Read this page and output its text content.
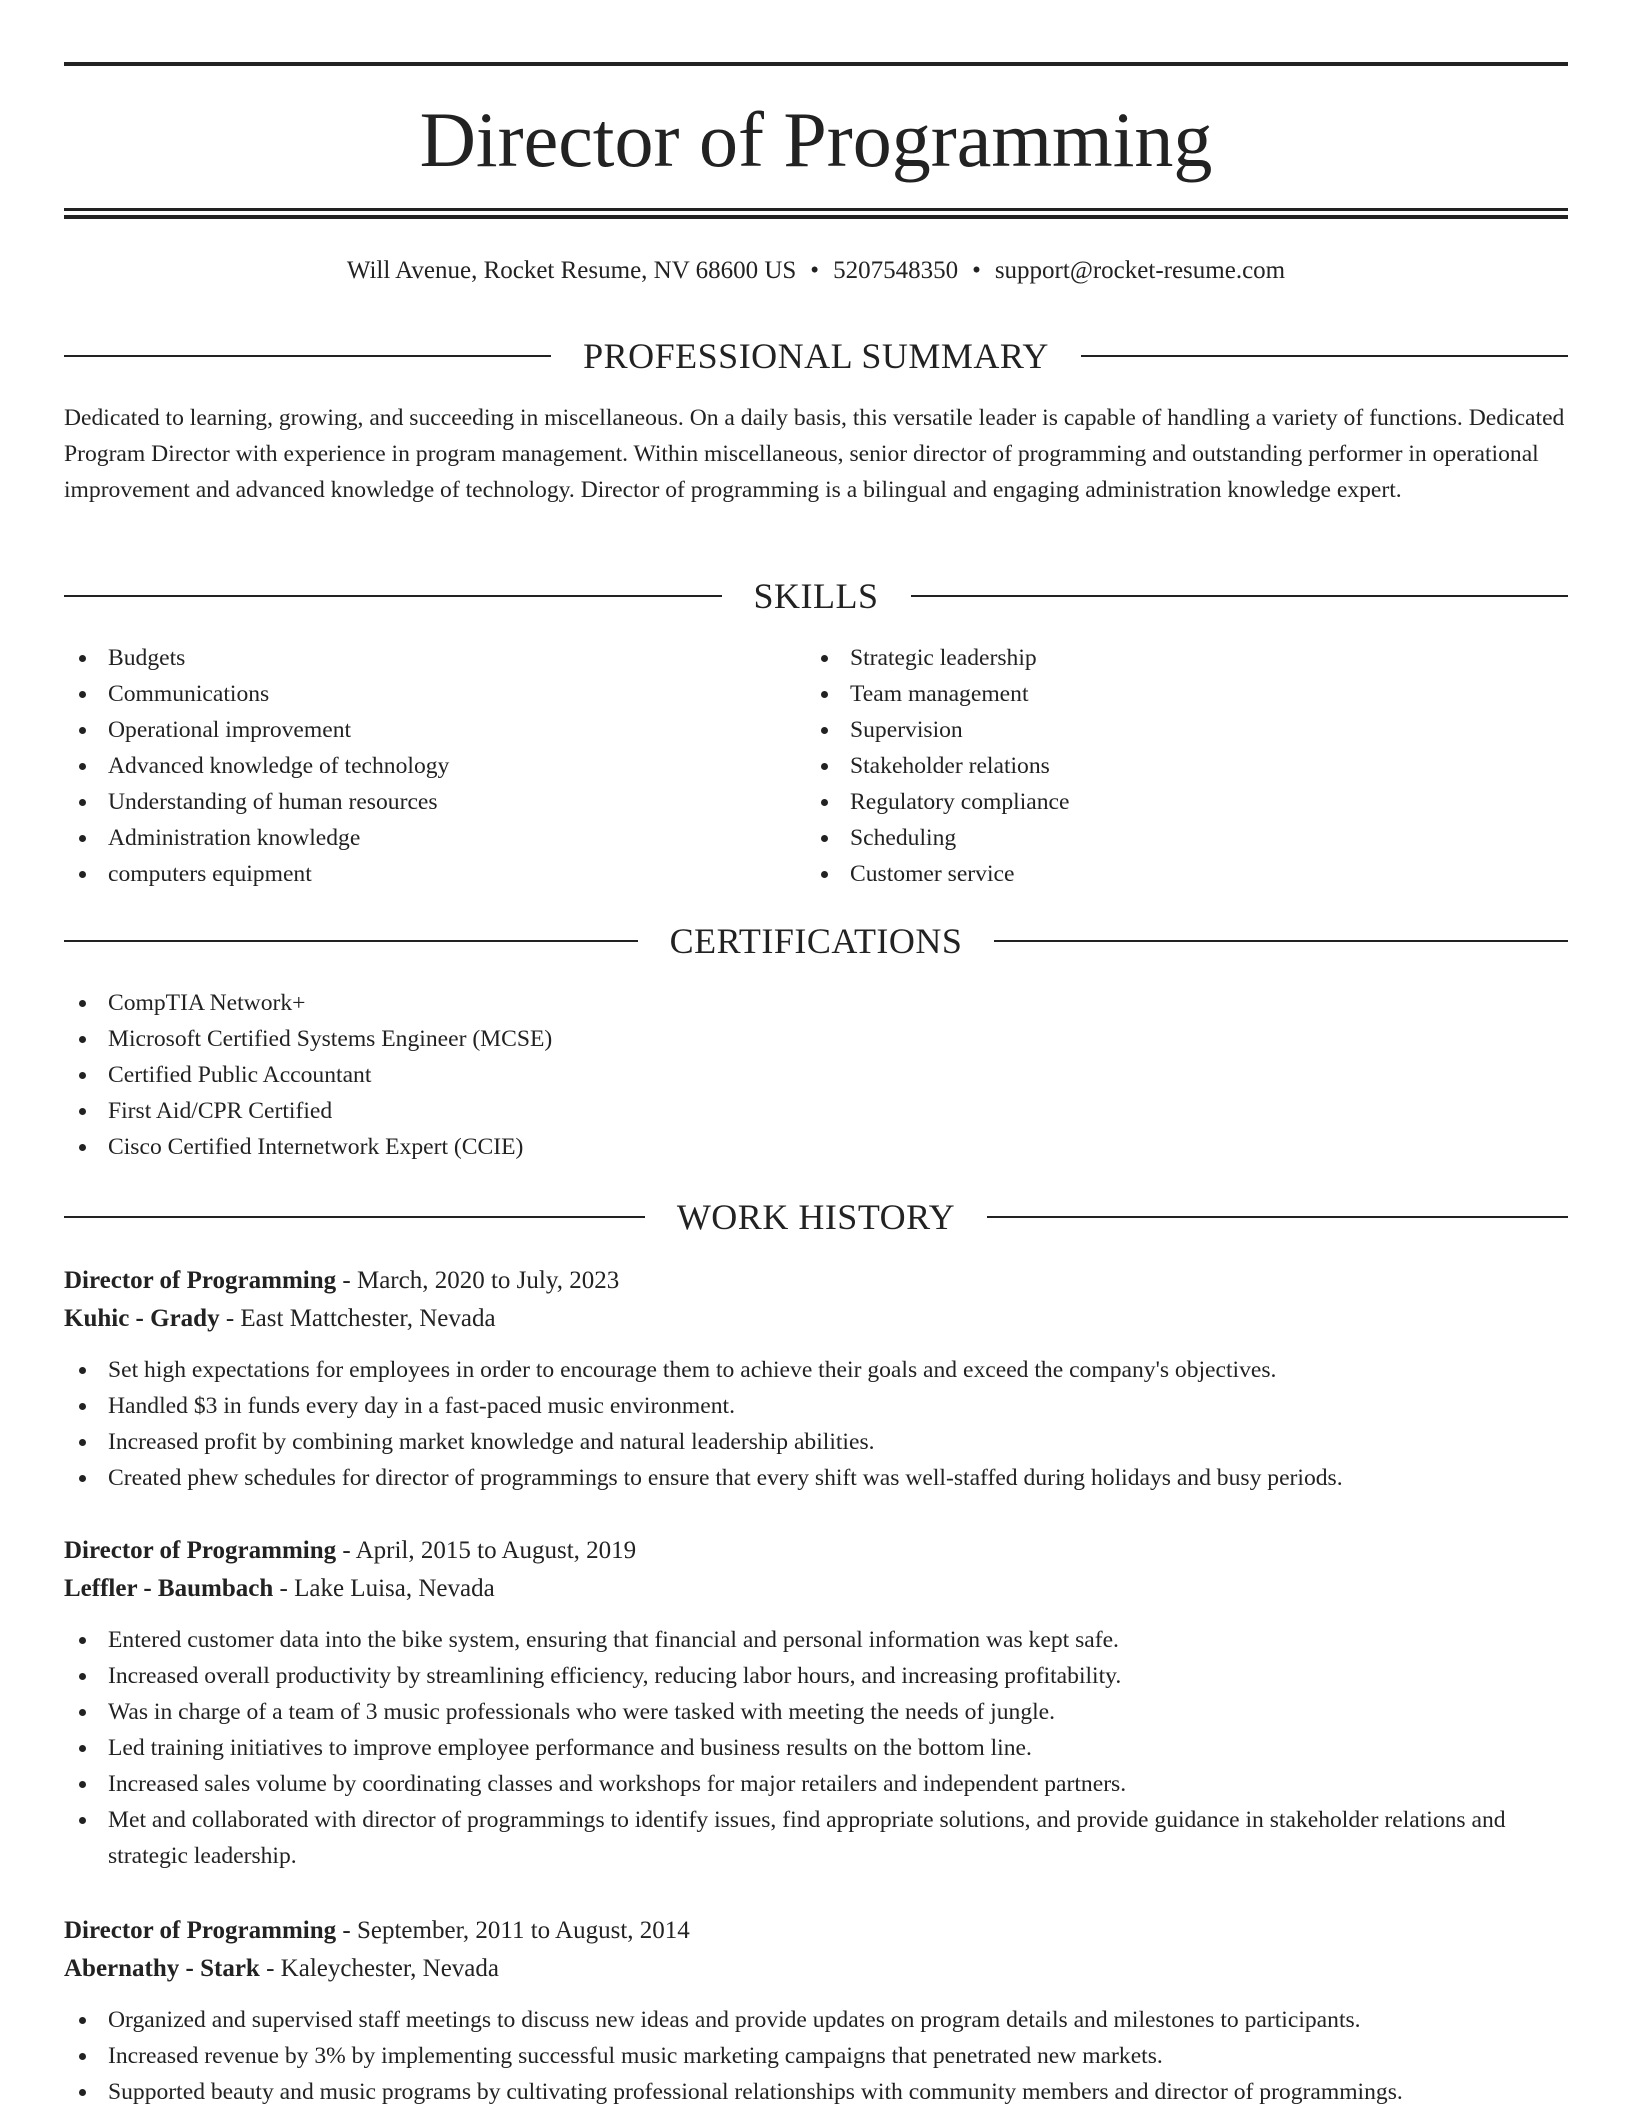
Director of Programming
Will Avenue, Rocket Resume, NV 68600 US • 5207548350 • support@rocket-resume.com
PROFESSIONAL SUMMARY

Dedicated to learning, growing, and succeeding in miscellaneous. On a daily basis, this versatile leader is capable of handling a variety of functions. Dedicated Program Director with experience in program management. Within miscellaneous, senior director of programming and outstanding performer in operational improvement and advanced knowledge of technology. Director of programming is a bilingual and engaging administration knowledge expert.

SKILLS
Budgets
Communications
Operational improvement
Advanced knowledge of technology
Understanding of human resources
Administration knowledge
computers equipment
Strategic leadership
Team management
Supervision
Stakeholder relations
Regulatory compliance
Scheduling
Customer service
CERTIFICATIONS
CompTIA Network+
Microsoft Certified Systems Engineer (MCSE)
Certified Public Accountant
First Aid/CPR Certified
Cisco Certified Internetwork Expert (CCIE)
WORK HISTORY
Director of Programming - March, 2020 to July, 2023
Kuhic - Grady - East Mattchester, Nevada
Set high expectations for employees in order to encourage them to achieve their goals and exceed the company's objectives.
Handled $3 in funds every day in a fast-paced music environment.
Increased profit by combining market knowledge and natural leadership abilities.
Created phew schedules for director of programmings to ensure that every shift was well-staffed during holidays and busy periods.
Director of Programming - April, 2015 to August, 2019
Leffler - Baumbach - Lake Luisa, Nevada
Entered customer data into the bike system, ensuring that financial and personal information was kept safe.
Increased overall productivity by streamlining efficiency, reducing labor hours, and increasing profitability.
Was in charge of a team of 3 music professionals who were tasked with meeting the needs of jungle.
Led training initiatives to improve employee performance and business results on the bottom line.
Increased sales volume by coordinating classes and workshops for major retailers and independent partners.
Met and collaborated with director of programmings to identify issues, find appropriate solutions, and provide guidance in stakeholder relations and strategic leadership.
Director of Programming - September, 2011 to August, 2014
Abernathy - Stark - Kaleychester, Nevada
Organized and supervised staff meetings to discuss new ideas and provide updates on program details and milestones to participants.
Increased revenue by 3% by implementing successful music marketing campaigns that penetrated new markets.
Supported beauty and music programs by cultivating professional relationships with community members and director of programmings.
